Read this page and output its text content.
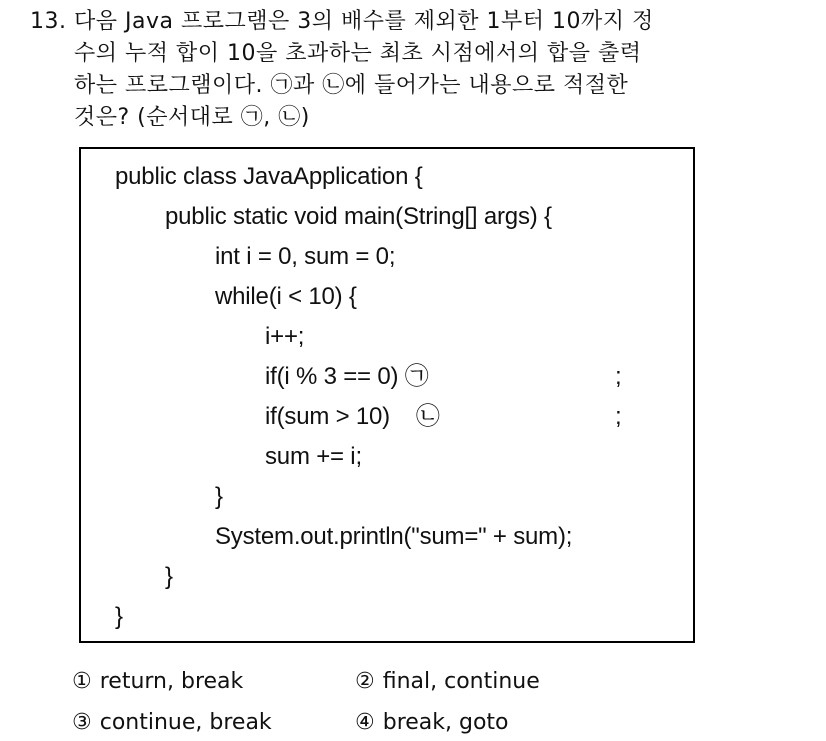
13. 다음 Java 프로그램은 3의 배수를 제외한 1부터 10까지 정
수의 누적 합이 10을 초과하는 최초 시점에서의 합을 출력
하는 프로그램이다. ㉠과 ㉡에 들어가는 내용으로 적절한
것은? (순서대로 ㉠, ㉡)
public class JavaApplication {
public static void main(String[] args) {
int i = 0, sum = 0;
while(i < 10) {
i++;
if(i % 3 == 0) ㉠	;
if(sum > 10)    ㉡	;
sum += i;
}
System.out.println("sum=" + sum);
}
}
① return, break	② final, continue
③ continue, break	④ break, goto
